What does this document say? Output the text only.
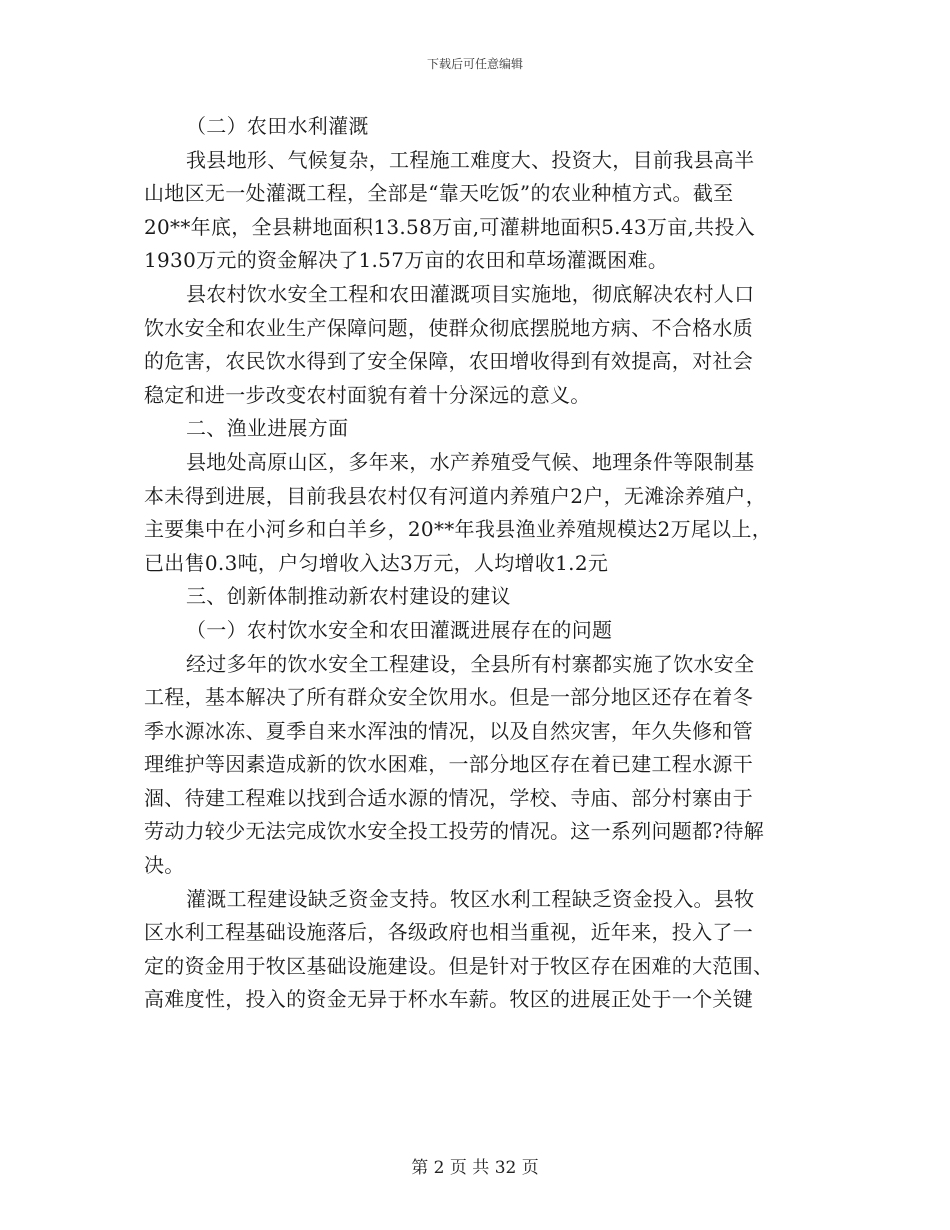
下载后可任意编辑
（二）农田水利灌溉
我县地形、气候复杂，工程施工难度大、投资大，目前我县高半
山地区无一处灌溉工程，全部是“靠天吃饭”的农业种植方式。截至
20**年底，全县耕地面积13.58万亩,可灌耕地面积5.43万亩,共投入
1930万元的资金解决了1.57万亩的农田和草场灌溉困难。
县农村饮水安全工程和农田灌溉项目实施地，彻底解决农村人口
饮水安全和农业生产保障问题，使群众彻底摆脱地方病、不合格水质
的危害，农民饮水得到了安全保障，农田增收得到有效提高，对社会
稳定和进一步改变农村面貌有着十分深远的意义。
二、渔业进展方面
县地处高原山区，多年来，水产养殖受气候、地理条件等限制基
本未得到进展，目前我县农村仅有河道内养殖户2户，无滩涂养殖户，
主要集中在小河乡和白羊乡，20**年我县渔业养殖规模达2万尾以上，
已出售0.3吨，户匀增收入达3万元，人均增收1.2元
三、创新体制推动新农村建设的建议
（一）农村饮水安全和农田灌溉进展存在的问题
经过多年的饮水安全工程建设，全县所有村寨都实施了饮水安全
工程，基本解决了所有群众安全饮用水。但是一部分地区还存在着冬
季水源冰冻、夏季自来水浑浊的情况，以及自然灾害，年久失修和管
理维护等因素造成新的饮水困难，一部分地区存在着已建工程水源干
涸、待建工程难以找到合适水源的情况，学校、寺庙、部分村寨由于
劳动力较少无法完成饮水安全投工投劳的情况。这一系列问题都?待解
决。
灌溉工程建设缺乏资金支持。牧区水利工程缺乏资金投入。县牧
区水利工程基础设施落后，各级政府也相当重视，近年来，投入了一
定的资金用于牧区基础设施建设。但是针对于牧区存在困难的大范围、
高难度性，投入的资金无异于杯水车薪。牧区的进展正处于一个关键
第 2 页 共 32 页
